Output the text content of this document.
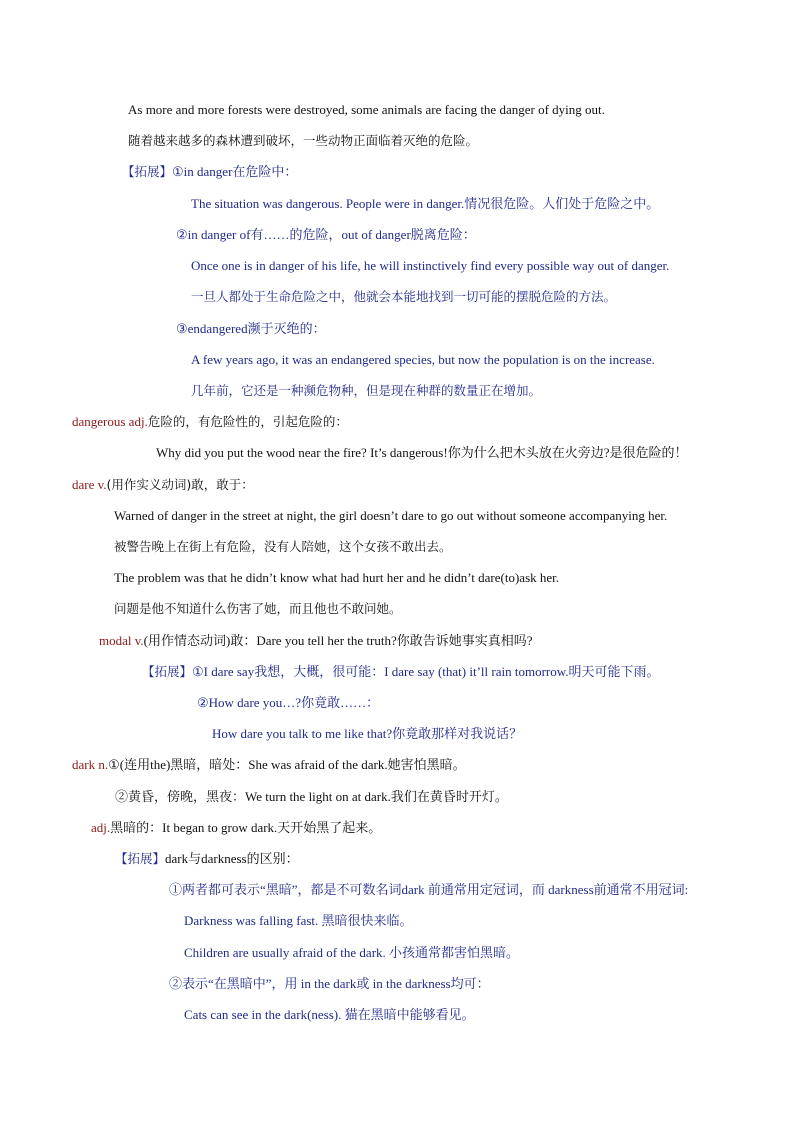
As more and more forests were destroyed, some animals are facing the danger of dying out.
随着越来越多的森林遭到破坏，一些动物正面临着灭绝的危险。
【拓展】①in danger在危险中：
The situation was dangerous. People were in danger.情况很危险。人们处于危险之中。
②in danger of有……的危险，out of danger脱离危险：
Once one is in danger of his life, he will instinctively find every possible way out of danger.
一旦人都处于生命危险之中，他就会本能地找到一切可能的摆脱危险的方法。
③endangered濒于灭绝的：
A few years ago, it was an endangered species, but now the population is on the increase.
几年前，它还是一种濒危物种，但是现在种群的数量正在增加。
dangerous adj.危险的，有危险性的，引起危险的：
Why did you put the wood near the fire? It’s dangerous!你为什么把木头放在火旁边?是很危险的！
dare v.(用作实义动词)敢，敢于：
Warned of danger in the street at night, the girl doesn’t dare to go out without someone accompanying her.
被警告晚上在街上有危险，没有人陪她，这个女孩不敢出去。
The problem was that he didn’t know what had hurt her and he didn’t dare(to)ask her.
问题是他不知道什么伤害了她，而且他也不敢问她。
modal v.(用作情态动词)敢：Dare you tell her the truth?你敢告诉她事实真相吗?
【拓展】①I dare say我想，大概，很可能：I dare say (that) it’ll rain tomorrow.明天可能下雨。
②How dare you…?你竟敢……：
How dare you talk to me like that?你竟敢那样对我说话？
dark n.①(连用the)黑暗，暗处：She was afraid of the dark.她害怕黑暗。
②黄昏，傍晚，黑夜：We turn the light on at dark.我们在黄昏时开灯。
adj.黑暗的：It began to grow dark.天开始黑了起来。
【拓展】dark与darkness的区别：
①两者都可表示“黑暗”，都是不可数名词dark 前通常用定冠词，而 darkness前通常不用冠词:
Darkness was falling fast. 黑暗很快来临。
Children are usually afraid of the dark. 小孩通常都害怕黑暗。
②表示“在黑暗中”，用 in the dark或 in the darkness均可：
Cats can see in the dark(ness). 猫在黑暗中能够看见。
